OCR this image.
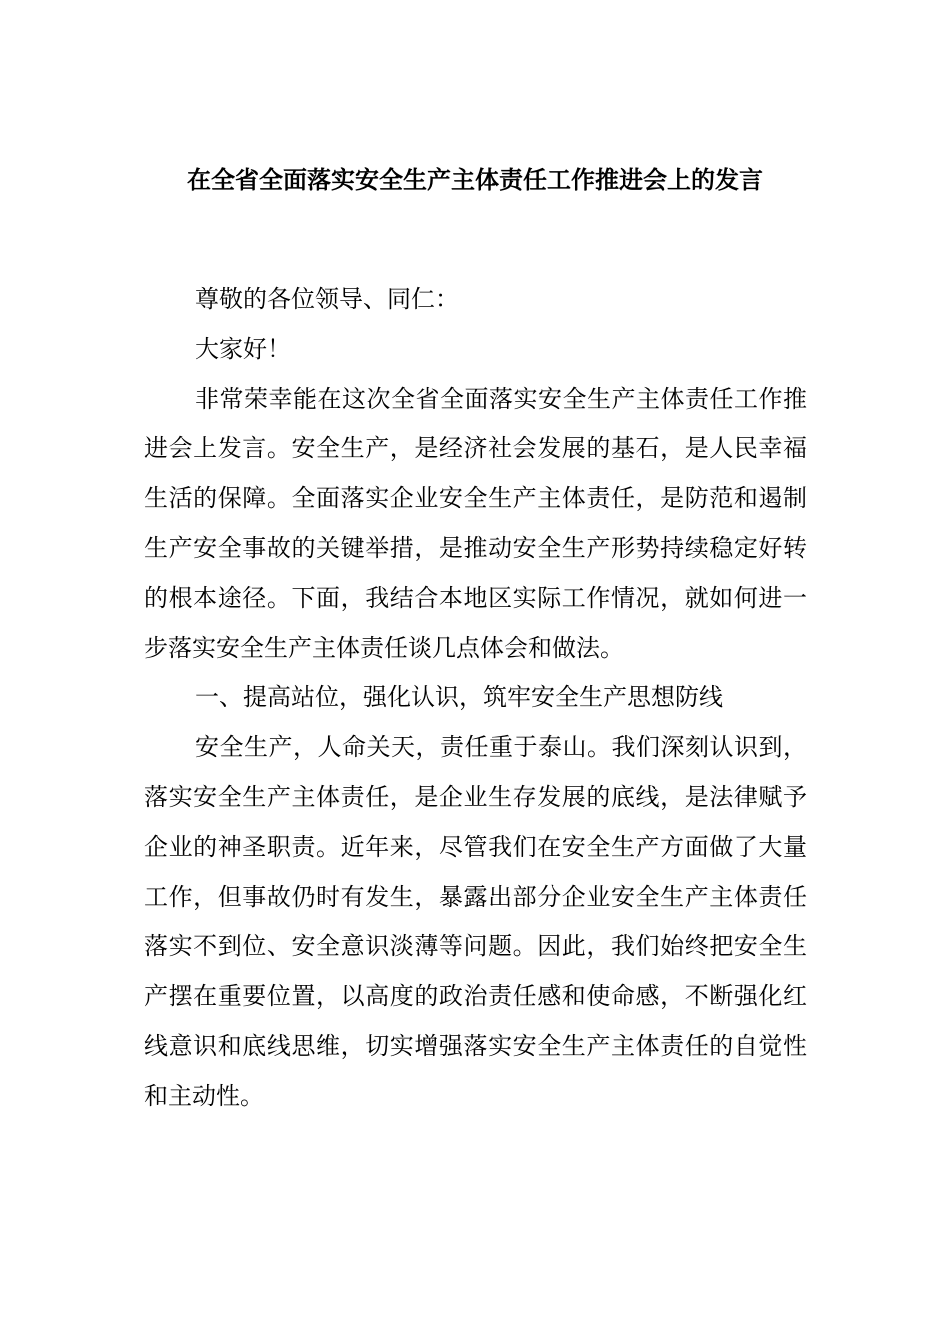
在全省全面落实安全生产主体责任工作推进会上的发言

尊敬的各位领导、同仁：

大家好！

非常荣幸能在这次全省全面落实安全生产主体责任工作推进会上发言。安全生产，是经济社会发展的基石，是人民幸福生活的保障。全面落实企业安全生产主体责任，是防范和遏制生产安全事故的关键举措，是推动安全生产形势持续稳定好转的根本途径。下面，我结合本地区实际工作情况，就如何进一步落实安全生产主体责任谈几点体会和做法。

一、提高站位，强化认识，筑牢安全生产思想防线

安全生产，人命关天，责任重于泰山。我们深刻认识到，落实安全生产主体责任，是企业生存发展的底线，是法律赋予企业的神圣职责。近年来，尽管我们在安全生产方面做了大量工作，但事故仍时有发生，暴露出部分企业安全生产主体责任落实不到位、安全意识淡薄等问题。因此，我们始终把安全生产摆在重要位置，以高度的政治责任感和使命感，不断强化红线意识和底线思维，切实增强落实安全生产主体责任的自觉性和主动性。
